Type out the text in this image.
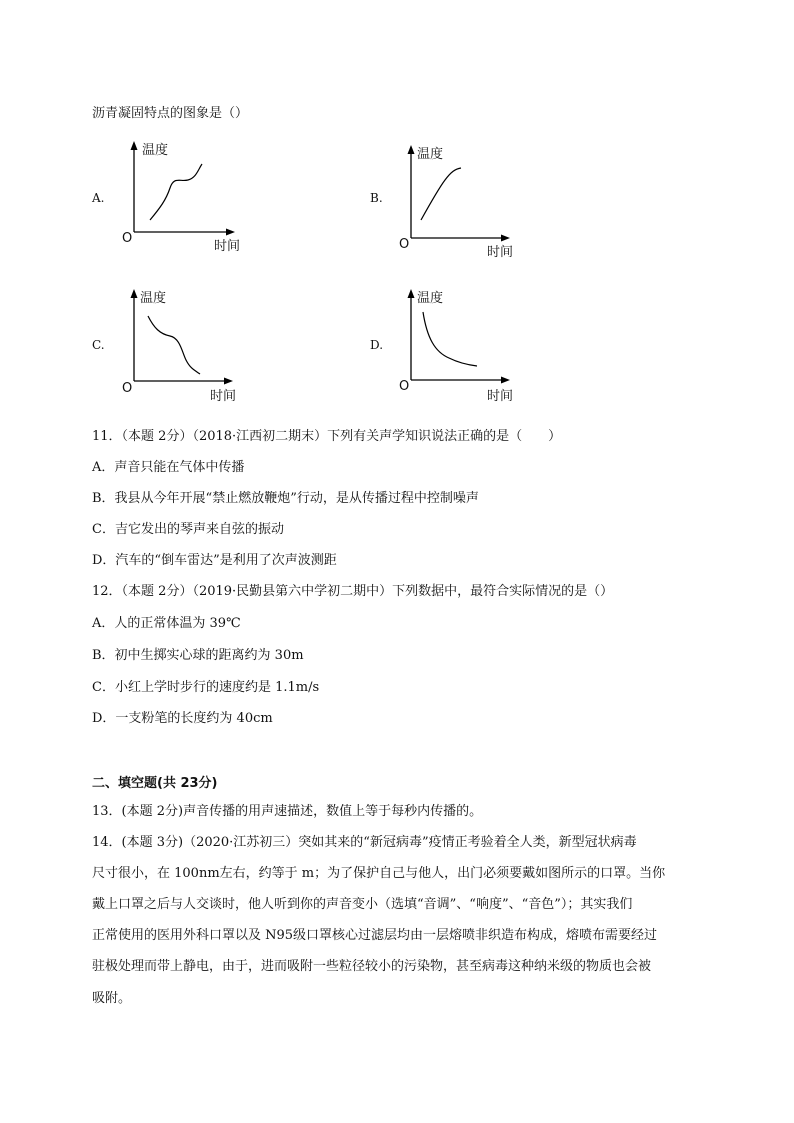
沥青凝固特点的图象是（）
A.
温度
时间
O
B.
温度
时间
O
C.
温度
时间
O
D.
温度
时间
O
11．（本题 2分）（2018·江西初二期末）下列有关声学知识说法正确的是（　　）
A．声音只能在气体中传播
B．我县从今年开展“禁止燃放鞭炮”行动，是从传播过程中控制噪声
C．吉它发出的琴声来自弦的振动
D．汽车的“倒车雷达”是利用了次声波测距
12．（本题 2分）（2019·民勤县第六中学初二期中）下列数据中，最符合实际情况的是（）
A．人的正常体温为 39℃
B．初中生掷实心球的距离约为 30m
C．小红上学时步行的速度约是 1.1m/s
D．一支粉笔的长度约为 40cm
二、填空题(共 23分)
13．(本题 2分)声音传播的用声速描述，数值上等于每秒内传播的。
14．(本题 3分)（2020·江苏初三）突如其来的“新冠病毒”疫情正考验着全人类，新型冠状病毒
尺寸很小，在 100nm左右，约等于 m；为了保护自己与他人，出门必须要戴如图所示的口罩。当你
戴上口罩之后与人交谈时，他人听到你的声音变小（选填“音调”、“响度”、“音色”）；其实我们
正常使用的医用外科口罩以及 N95级口罩核心过滤层均由一层熔喷非织造布构成，熔喷布需要经过
驻极处理而带上静电，由于，进而吸附一些粒径较小的污染物，甚至病毒这种纳米级的物质也会被
吸附。
